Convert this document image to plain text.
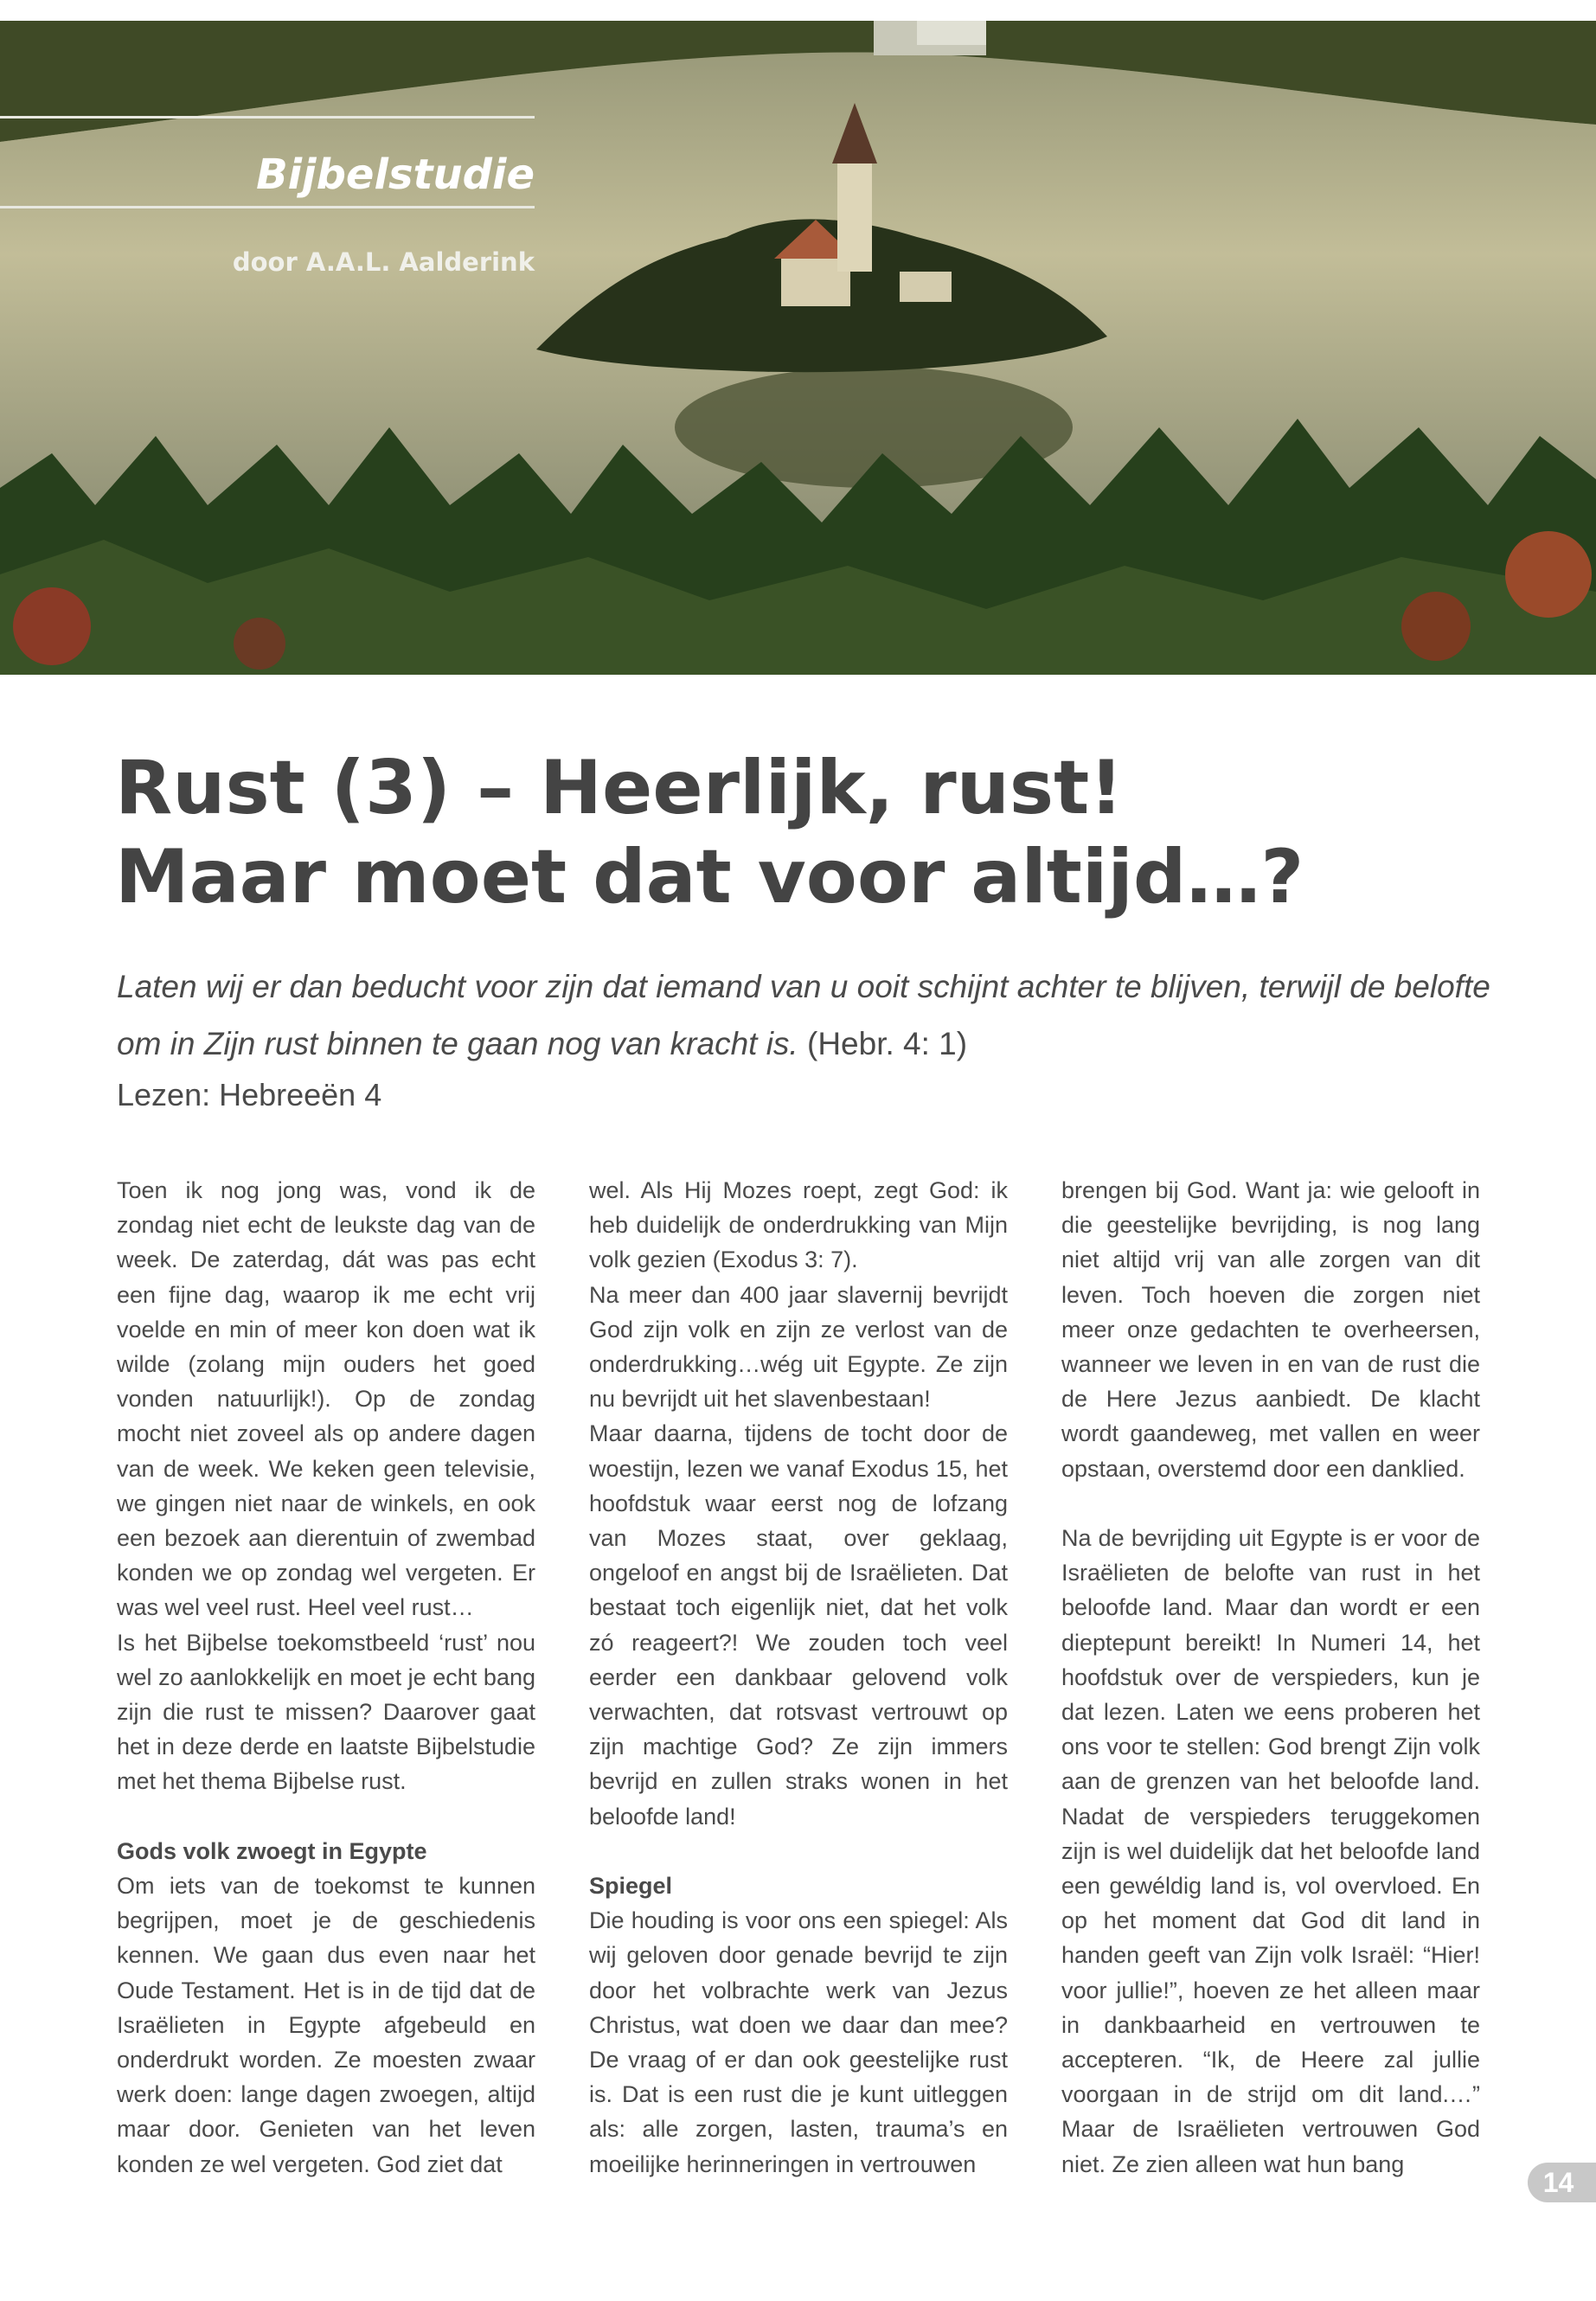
Bijbelstudie
door A.A.L. Aalderink
Rust (3) – Heerlijk, rust!
Maar moet dat voor altijd…?

Laten wij er dan beducht voor zijn dat iemand van u ooit schijnt achter te blijven, terwijl de belofte om in Zijn rust binnen te gaan nog van kracht is. (Hebr. 4: 1)

Lezen: Hebreeën 4

Toen ik nog jong was, vond ik de zondag niet echt de leukste dag van de week. De zaterdag, dát was pas echt een fijne dag, waarop ik me echt vrij voelde en min of meer kon doen wat ik wilde (zolang mijn ouders het goed vonden natuurlijk!). Op de zondag mocht niet zoveel als op andere dagen van de week. We keken geen televisie, we gingen niet naar de winkels, en ook een bezoek aan dierentuin of zwembad konden we op zondag wel vergeten. Er was wel veel rust. Heel veel rust…

Is het Bijbelse toekomstbeeld ‘rust’ nou wel zo aanlokkelijk en moet je echt bang zijn die rust te missen? Daarover gaat het in deze derde en laatste Bijbelstudie met het thema Bijbelse rust.

Gods volk zwoegt in Egypte

Om iets van de toekomst te kunnen begrijpen, moet je de geschiedenis kennen. We gaan dus even naar het Oude Testament. Het is in de tijd dat de Israëlieten in Egypte afgebeuld en onderdrukt worden. Ze moesten zwaar werk doen: lange dagen zwoegen, altijd maar door. Genieten van het leven konden ze wel vergeten. God ziet dat

wel. Als Hij Mozes roept, zegt God: ik heb duidelijk de onderdrukking van Mijn volk gezien (Exodus 3: 7).

Na meer dan 400 jaar slavernij bevrijdt God zijn volk en zijn ze verlost van de onderdrukking…wég uit Egypte. Ze zijn nu bevrijdt uit het slavenbestaan!

Maar daarna, tijdens de tocht door de woestijn, lezen we vanaf Exodus 15, het hoofdstuk waar eerst nog de lofzang van Mozes staat, over geklaag, ongeloof en angst bij de Israëlieten. Dat bestaat toch eigenlijk niet, dat het volk zó reageert?! We zouden toch veel eerder een dankbaar gelovend volk verwachten, dat rotsvast vertrouwt op zijn machtige God? Ze zijn immers bevrijd en zullen straks wonen in het beloofde land!

Spiegel

Die houding is voor ons een spiegel: Als wij geloven door genade bevrijd te zijn door het volbrachte werk van Jezus Christus, wat doen we daar dan mee? De vraag of er dan ook geestelijke rust is. Dat is een rust die je kunt uitleggen als: alle zorgen, lasten, trauma’s en moeilijke herinneringen in vertrouwen

brengen bij God. Want ja: wie gelooft in die geestelijke bevrijding, is nog lang niet altijd vrij van alle zorgen van dit leven. Toch hoeven die zorgen niet meer onze gedachten te overheersen, wanneer we leven in en van de rust die de Here Jezus aanbiedt. De klacht wordt gaandeweg, met vallen en weer opstaan, overstemd door een danklied.

Na de bevrijding uit Egypte is er voor de Israëlieten de belofte van rust in het beloofde land. Maar dan wordt er een dieptepunt bereikt! In Numeri 14, het hoofdstuk over de verspieders, kun je dat lezen. Laten we eens proberen het ons voor te stellen: God brengt Zijn volk aan de grenzen van het beloofde land. Nadat de verspieders teruggekomen zijn is wel duidelijk dat het beloofde land een gewéldig land is, vol overvloed. En op het moment dat God dit land in handen geeft van Zijn volk Israël: “Hier! voor jullie!”, hoeven ze het alleen maar in dankbaarheid en vertrouwen te accepteren. “Ik, de Heere zal jullie voorgaan in de strijd om dit land.…” Maar de Israëlieten vertrouwen God niet. Ze zien alleen wat hun bang

14
